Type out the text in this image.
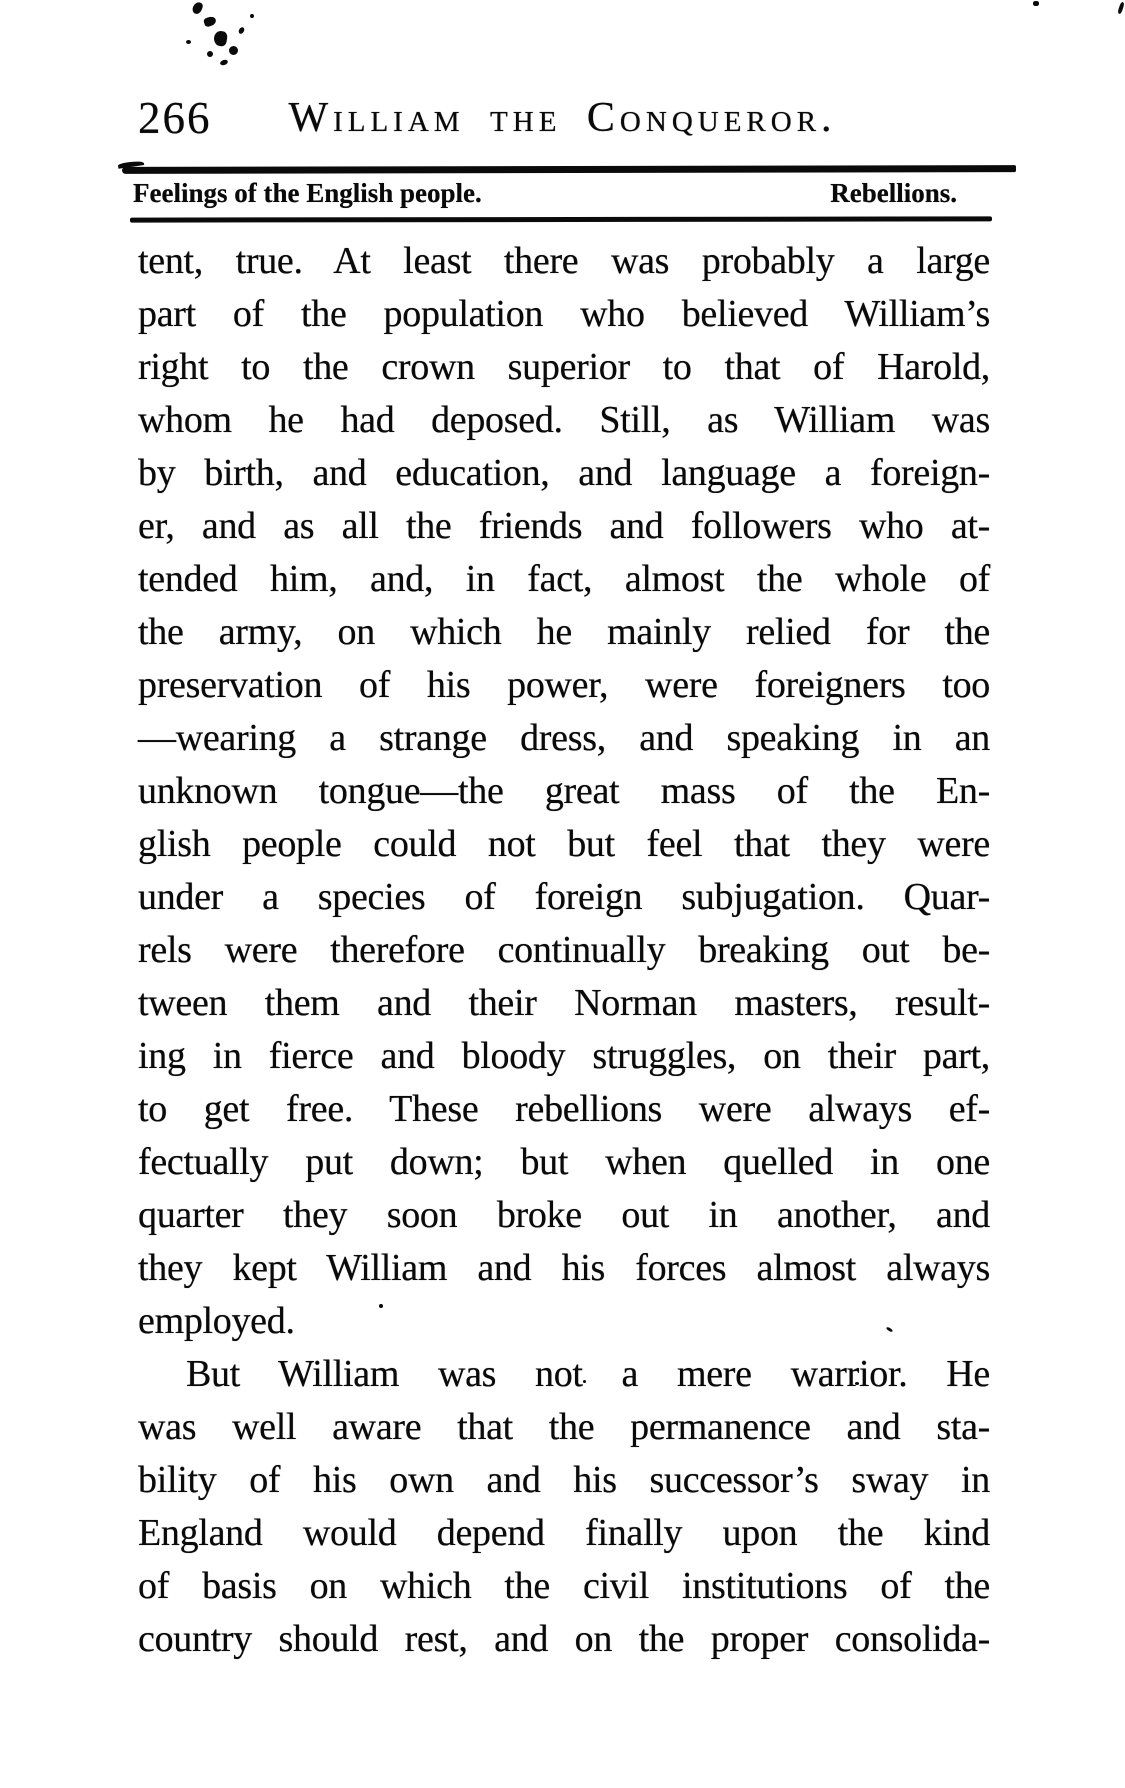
266	William the Conqueror.
Feelings of the English people.	Rebellions.
tent, true. At least there was probably a large
part of the population who believed William’s
right to the crown superior to that of Harold,
whom he had deposed. Still, as William was
by birth, and education, and language a foreign-
er, and as all the friends and followers who at-
tended him, and, in fact, almost the whole of
the army, on which he mainly relied for the
preservation of his power, were foreigners too
—wearing a strange dress, and speaking in an
unknown tongue—the great mass of the En-
glish people could not but feel that they were
under a species of foreign subjugation. Quar-
rels were therefore continually breaking out be-
tween them and their Norman masters, result-
ing in fierce and bloody struggles, on their part,
to get free. These rebellions were always ef-
fectually put down; but when quelled in one
quarter they soon broke out in another, and
they kept William and his forces almost always
employed.
But William was not a mere warrior. He
was well aware that the permanence and sta-
bility of his own and his successor’s sway in
England would depend finally upon the kind
of basis on which the civil institutions of the
country should rest, and on the proper consolida-
